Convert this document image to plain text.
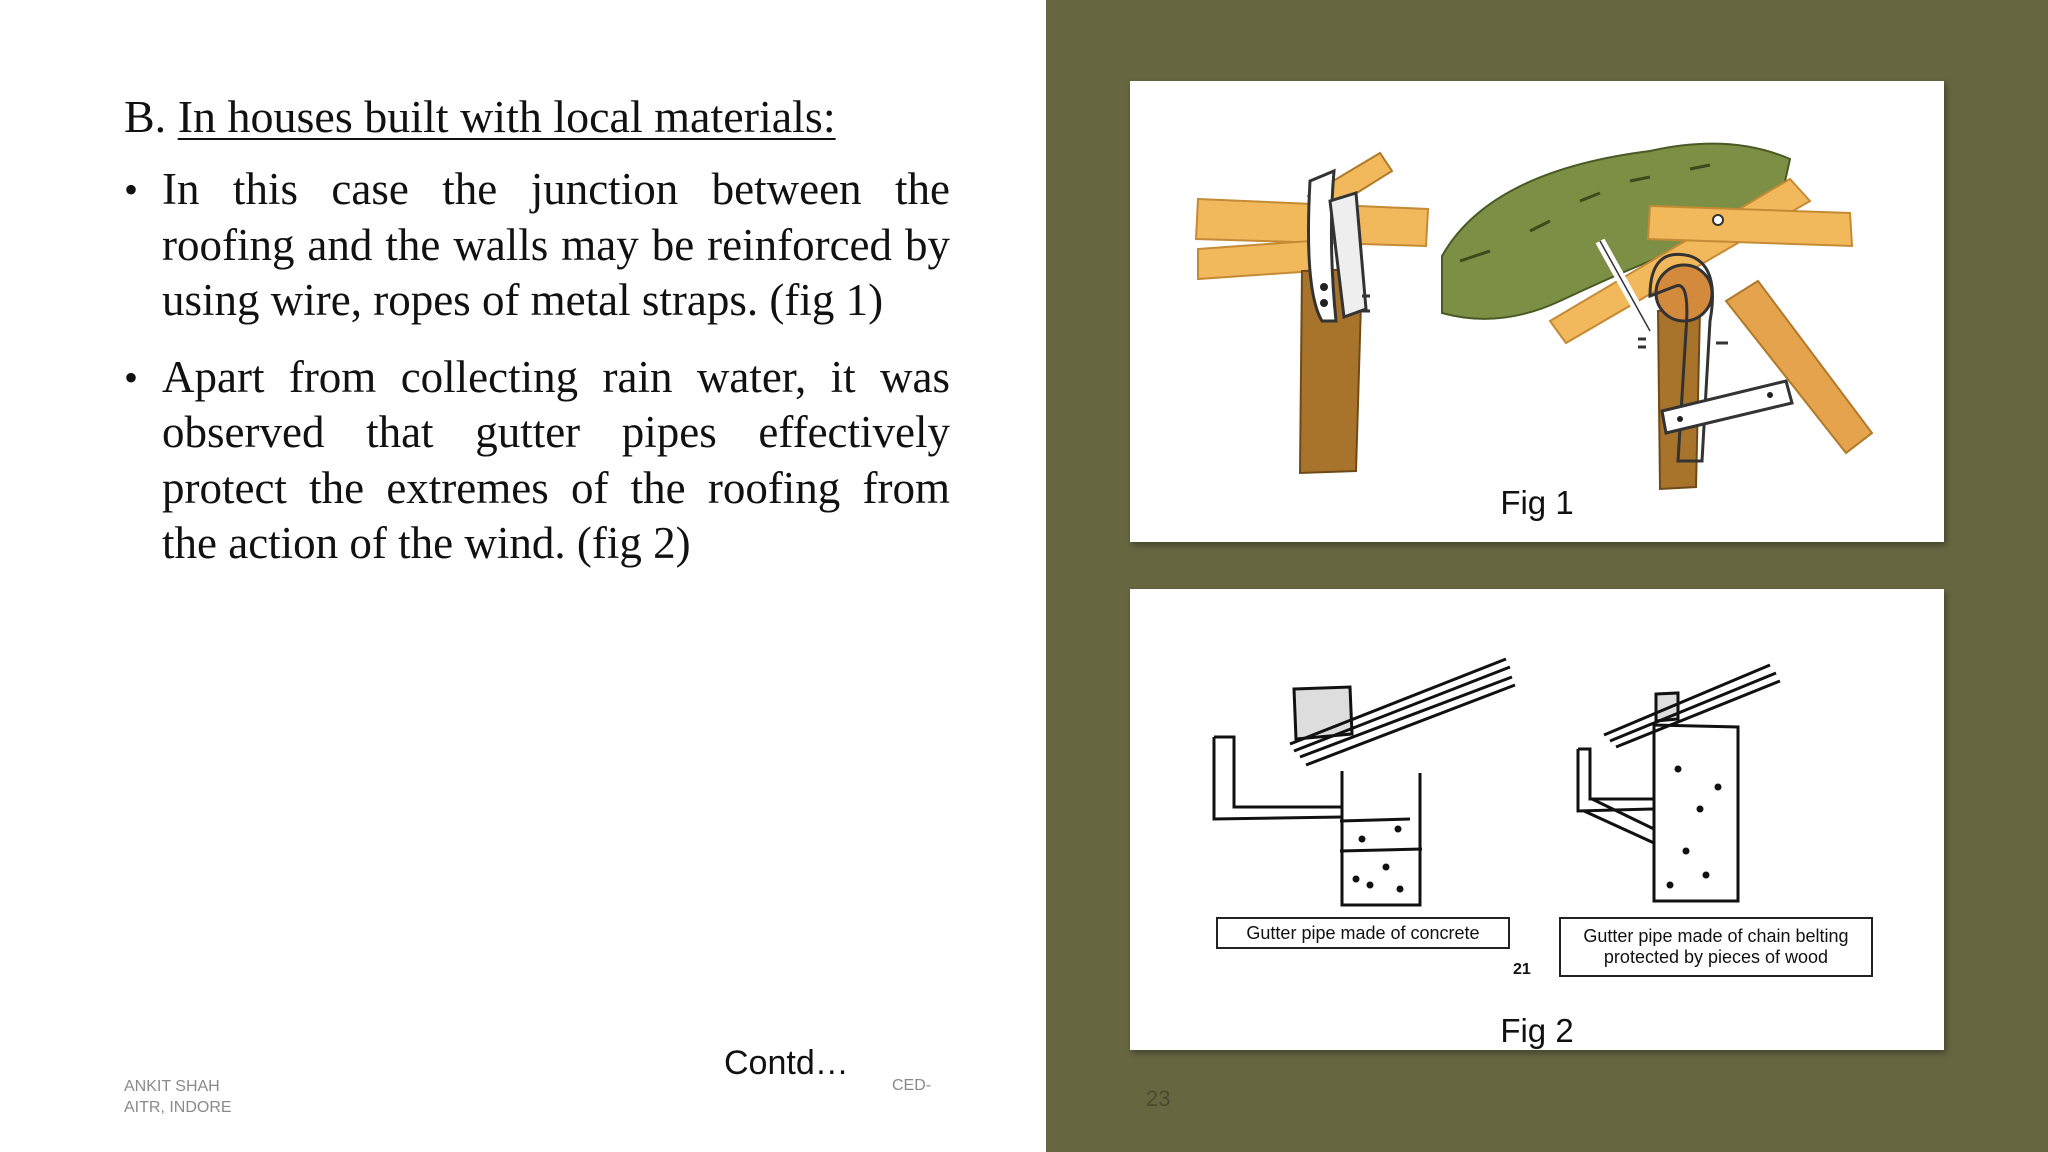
B. In houses built with local materials:
• In this case the junction between the roofing and the walls may be reinforced by using wire, ropes of metal straps. (fig 1)
• Apart from collecting rain water, it was observed that gutter pipes effectively protect the extremes of the roofing from the action of the wind. (fig 2)
ANKIT SHAH
AITR, INDORE
Contd…
CED-
23
Fig 1
Gutter pipe made of concrete	Gutter pipe made of chain belting
protected by pieces of wood
21
Fig 2
